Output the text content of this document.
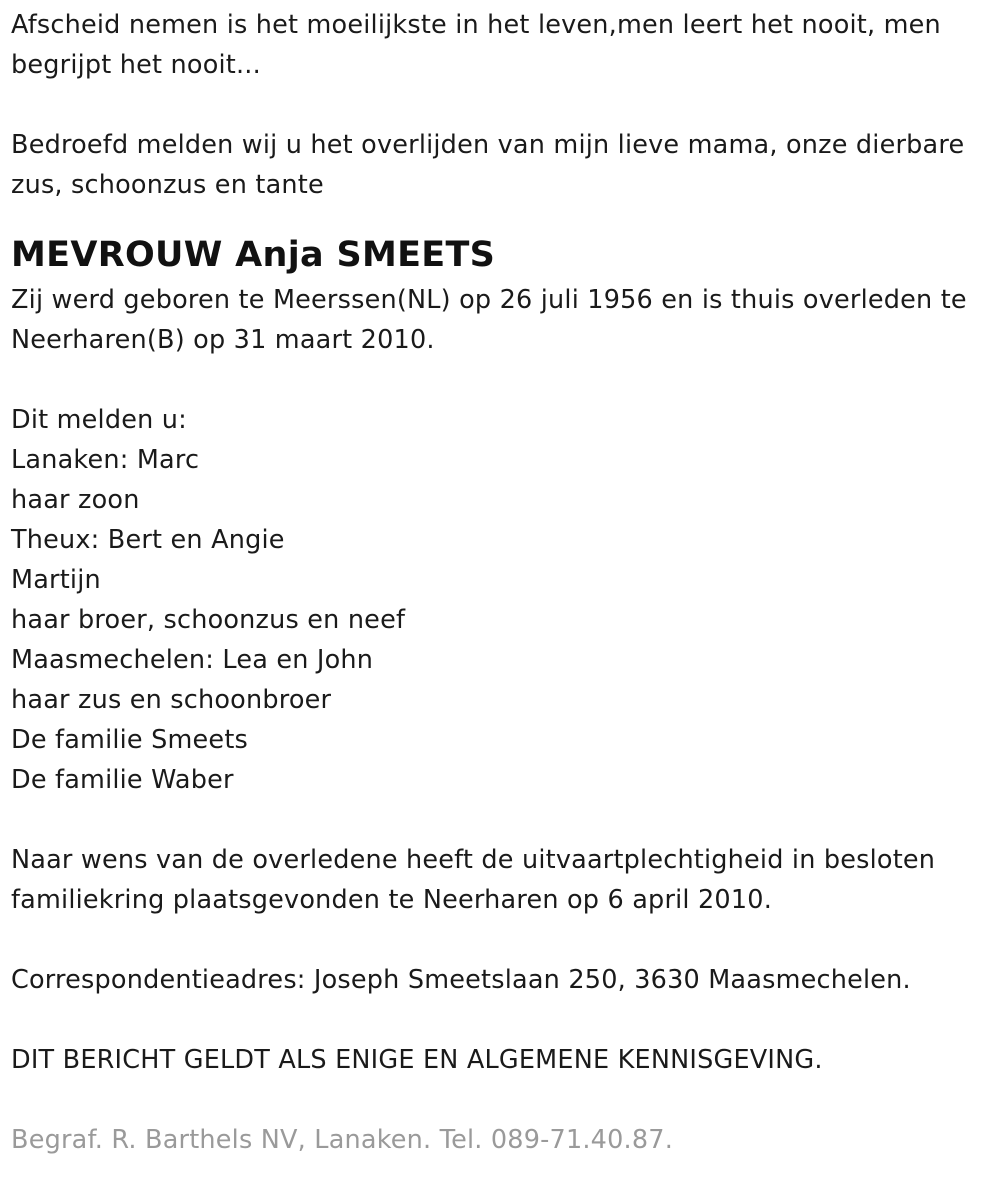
Afscheid nemen is het moeilijkste in het leven,men leert het nooit, men
begrijpt het nooit...
Bedroefd melden wij u het overlijden van mijn lieve mama, onze dierbare
zus, schoonzus en tante
MEVROUW Anja SMEETS
Zij werd geboren te Meerssen(NL) op 26 juli 1956 en is thuis overleden te
Neerharen(B) op 31 maart 2010.
Dit melden u:
Lanaken: Marc
haar zoon
Theux: Bert en Angie
Martijn
haar broer, schoonzus en neef
Maasmechelen: Lea en John
haar zus en schoonbroer
De familie Smeets
De familie Waber
Naar wens van de overledene heeft de uitvaartplechtigheid in besloten
familiekring plaatsgevonden te Neerharen op 6 april 2010.
Correspondentieadres: Joseph Smeetslaan 250, 3630 Maasmechelen.
DIT BERICHT GELDT ALS ENIGE EN ALGEMENE KENNISGEVING.
Begraf. R. Barthels NV, Lanaken. Tel. 089-71.40.87.
